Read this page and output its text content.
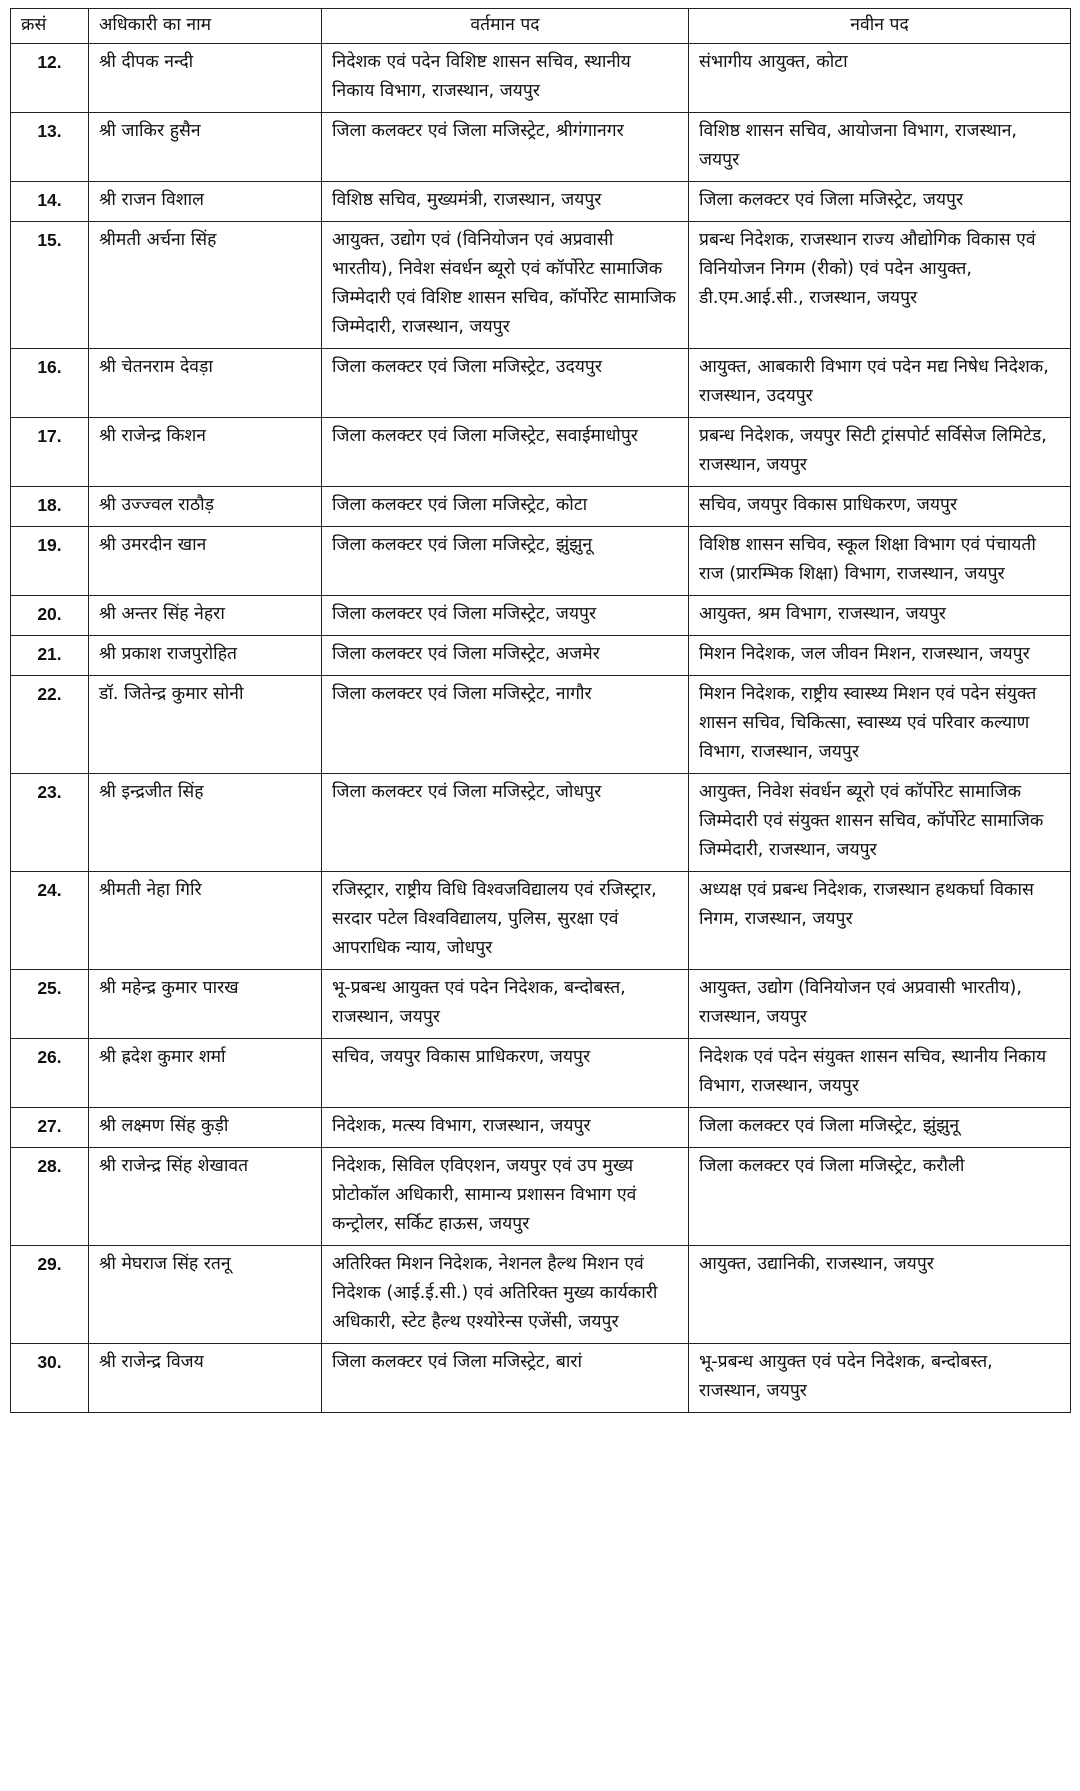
क्रसं	अधिकारी का नाम	वर्तमान पद	नवीन पद
12.	श्री दीपक नन्दी	निदेशक एवं पदेन विशिष्ट शासन सचिव, स्थानीय निकाय विभाग, राजस्थान, जयपुर	संभागीय आयुक्त, कोटा
13.	श्री जाकिर हुसैन	जिला कलक्टर एवं जिला मजिस्ट्रेट, श्रीगंगानगर	विशिष्ठ शासन सचिव, आयोजना विभाग, राजस्थान, जयपुर
14.	श्री राजन विशाल	विशिष्ठ सचिव, मुख्यमंत्री, राजस्थान, जयपुर	जिला कलक्टर एवं जिला मजिस्ट्रेट, जयपुर
15.	श्रीमती अर्चना सिंह	आयुक्त, उद्योग एवं (विनियोजन एवं अप्रवासी भारतीय), निवेश संवर्धन ब्यूरो एवं कॉर्पोरेट सामाजिक जिम्मेदारी एवं विशिष्ट शासन सचिव, कॉर्पोरेट सामाजिक जिम्मेदारी, राजस्थान, जयपुर	प्रबन्ध निदेशक, राजस्थान राज्य औद्योगिक विकास एवं विनियोजन निगम (रीको) एवं पदेन आयुक्त, डी.एम.आई.सी., राजस्थान, जयपुर
16.	श्री चेतनराम देवड़ा	जिला कलक्टर एवं जिला मजिस्ट्रेट, उदयपुर	आयुक्त, आबकारी विभाग एवं पदेन मद्य निषेध निदेशक, राजस्थान, उदयपुर
17.	श्री राजेन्द्र किशन	जिला कलक्टर एवं जिला मजिस्ट्रेट, सवाईमाधोपुर	प्रबन्ध निदेशक, जयपुर सिटी ट्रांसपोर्ट सर्विसेज लिमिटेड, राजस्थान, जयपुर
18.	श्री उज्ज्वल राठौड़	जिला कलक्टर एवं जिला मजिस्ट्रेट, कोटा	सचिव, जयपुर विकास प्राधिकरण, जयपुर
19.	श्री उमरदीन खान	जिला कलक्टर एवं जिला मजिस्ट्रेट, झुंझुनू	विशिष्ठ शासन सचिव, स्कूल शिक्षा विभाग एवं पंचायती राज (प्रारम्भिक शिक्षा) विभाग, राजस्थान, जयपुर
20.	श्री अन्तर सिंह नेहरा	जिला कलक्टर एवं जिला मजिस्ट्रेट, जयपुर	आयुक्त, श्रम विभाग, राजस्थान, जयपुर
21.	श्री प्रकाश राजपुरोहित	जिला कलक्टर एवं जिला मजिस्ट्रेट, अजमेर	मिशन निदेशक, जल जीवन मिशन, राजस्थान, जयपुर
22.	डॉ. जितेन्द्र कुमार सोनी	जिला कलक्टर एवं जिला मजिस्ट्रेट, नागौर	मिशन निदेशक, राष्ट्रीय स्वास्थ्य मिशन एवं पदेन संयुक्त शासन सचिव, चिकित्सा, स्वास्थ्य एवं परिवार कल्याण विभाग, राजस्थान, जयपुर
23.	श्री इन्द्रजीत सिंह	जिला कलक्टर एवं जिला मजिस्ट्रेट, जोधपुर	आयुक्त, निवेश संवर्धन ब्यूरो एवं कॉर्पोरेट सामाजिक जिम्मेदारी एवं संयुक्त शासन सचिव, कॉर्पोरेट सामाजिक जिम्मेदारी, राजस्थान, जयपुर
24.	श्रीमती नेहा गिरि	रजिस्ट्रार, राष्ट्रीय विधि विश्वजविद्यालय एवं रजिस्ट्रार, सरदार पटेल विश्वविद्यालय, पुलिस, सुरक्षा एवं आपराधिक न्याय, जोधपुर	अध्यक्ष एवं प्रबन्ध निदेशक, राजस्थान हथकर्घा विकास निगम, राजस्थान, जयपुर
25.	श्री महेन्द्र कुमार पारख	भू-प्रबन्ध आयुक्त एवं पदेन निदेशक, बन्दोबस्त, राजस्थान, जयपुर	आयुक्त, उद्योग (विनियोजन एवं अप्रवासी भारतीय), राजस्थान, जयपुर
26.	श्री ह्रदेश कुमार शर्मा	सचिव, जयपुर विकास प्राधिकरण, जयपुर	निदेशक एवं पदेन संयुक्त शासन सचिव, स्थानीय निकाय विभाग, राजस्थान, जयपुर
27.	श्री लक्ष्मण सिंह कुड़ी	निदेशक, मत्स्य विभाग, राजस्थान, जयपुर	जिला कलक्टर एवं जिला मजिस्ट्रेट, झुंझुनू
28.	श्री राजेन्द्र सिंह शेखावत	निदेशक, सिविल एविएशन, जयपुर एवं उप मुख्य प्रोटोकॉल अधिकारी, सामान्य प्रशासन विभाग एवं कन्ट्रोलर, सर्किट हाऊस, जयपुर	जिला कलक्टर एवं जिला मजिस्ट्रेट, करौली
29.	श्री मेघराज सिंह रतनू	अतिरिक्त मिशन निदेशक, नेशनल हैल्थ मिशन एवं निदेशक (आई.ई.सी.) एवं अतिरिक्त मुख्य कार्यकारी अधिकारी, स्टेट हैल्थ एश्योरेन्स एजेंसी, जयपुर	आयुक्त, उद्यानिकी, राजस्थान, जयपुर
30.	श्री राजेन्द्र विजय	जिला कलक्टर एवं जिला मजिस्ट्रेट, बारां	भू-प्रबन्ध आयुक्त एवं पदेन निदेशक, बन्दोबस्त, राजस्थान, जयपुर
